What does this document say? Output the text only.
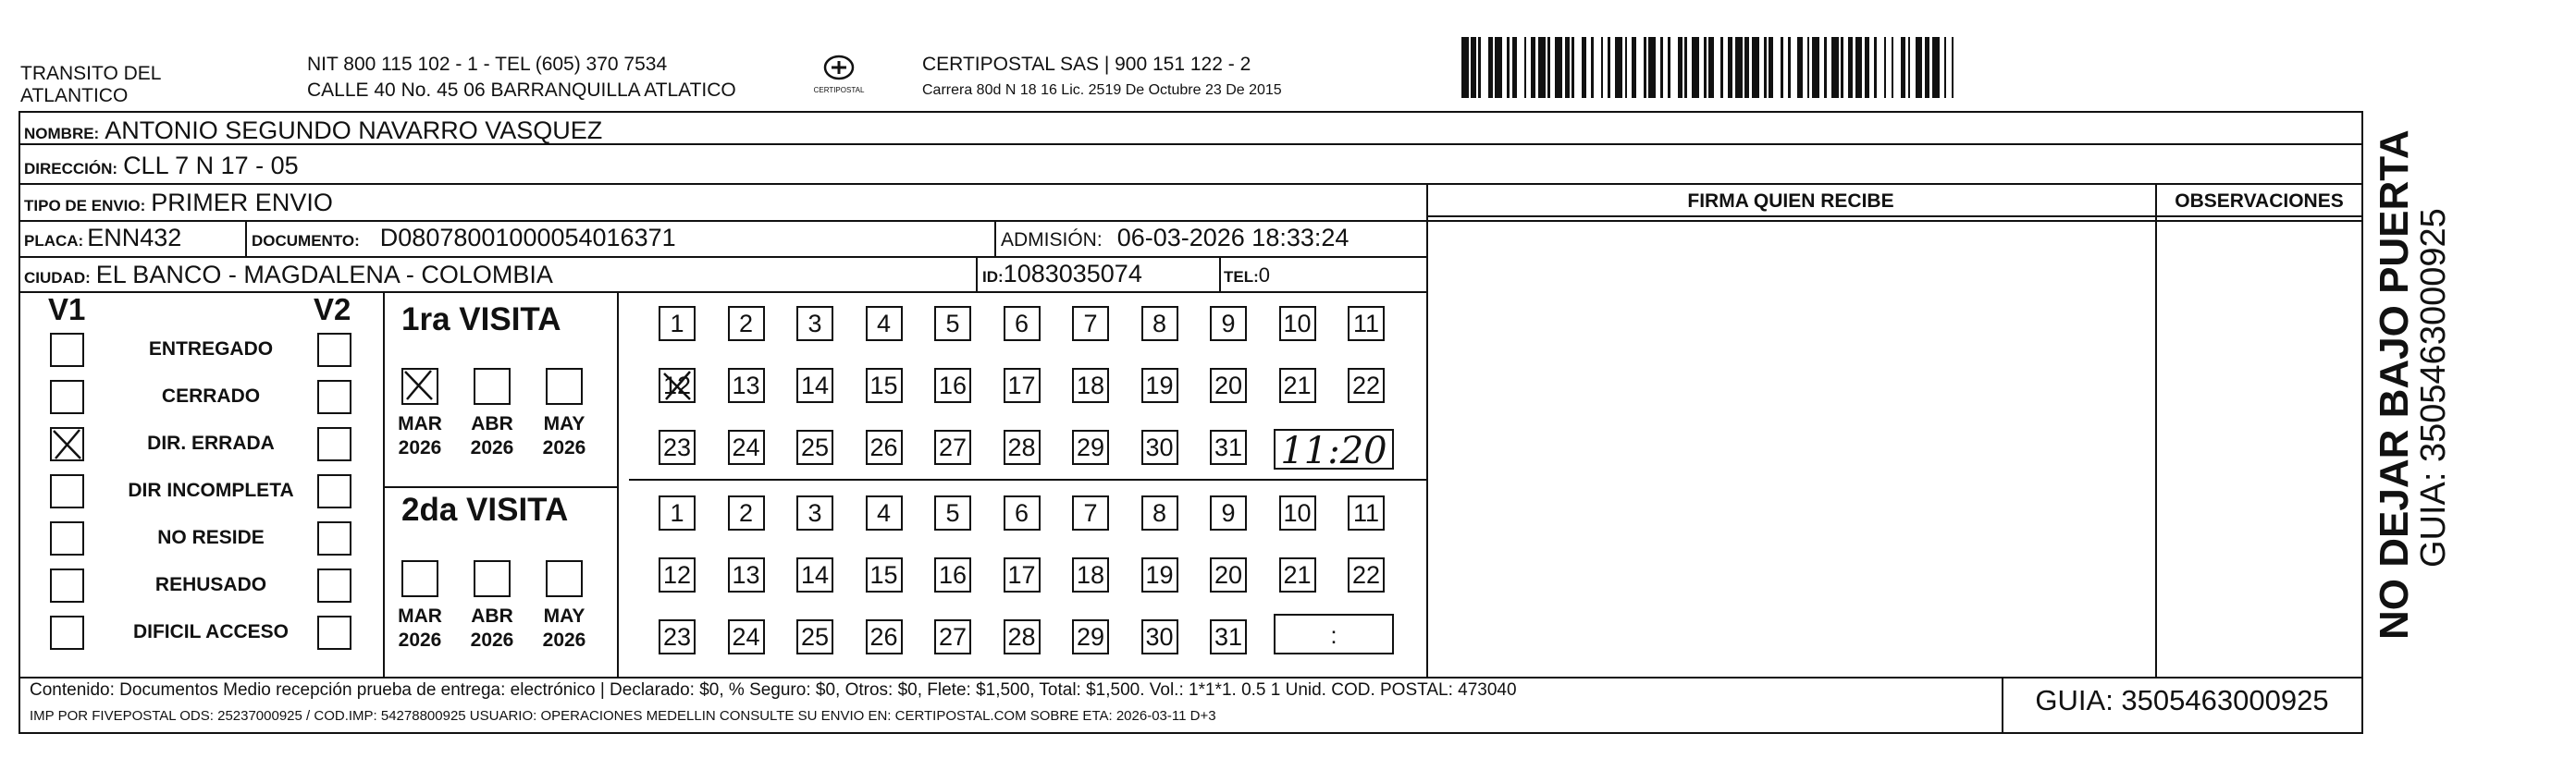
TRANSITO DEL ATLANTICO
NIT 800 115 102 - 1 - TEL (605) 370 7534
CALLE 40 No. 45 06 BARRANQUILLA ATLATICO	CERTIPOSTAL
CERTIPOSTAL SAS | 900 151 122 - 2
Carrera 80d N 18 16 Lic. 2519 De Octubre 23 De 2015
NOMBRE: ANTONIO SEGUNDO NAVARRO VASQUEZ
DIRECCIÓN: CLL 7 N 17 - 05
TIPO DE ENVIO: PRIMER ENVIO	FIRMA QUIEN RECIBE	OBSERVACIONES
PLACA: ENN432	DOCUMENTO: D08078001000054016371	ADMISIÓN: 06-03-2026 18:33:24
CIUDAD: EL BANCO - MAGDALENA - COLOMBIA	ID:1083035074	TEL:0
V1	V2
ENTREGADO
CERRADO
DIR. ERRADA
DIR INCOMPLETA
NO RESIDE
REHUSADO
DIFICIL ACCESO
1ra VISITA
2da VISITA
MAR
2026
ABR
2026
MAY
2026
MAR
2026
ABR
2026
MAY
2026
1	2	3	4	5	6	7	8	9	10 11
12 13 14 15 16 17 18 19 20 21 22
23 24 25 26 27 28 29 30 31
1	2	3	4	5	6	7	8	9	10 11
12 13 14 15 16 17 18 19 20 21 22
23 24 25 26 27 28 29 30 31
11:20
:
Contenido: Documentos Medio recepción prueba de entrega: electrónico | Declarado: $0, % Seguro: $0, Otros: $0, Flete: $1,500, Total: $1,500. Vol.: 1*1*1. 0.5 1 Unid. COD. POSTAL: 473040
IMP POR FIVEPOSTAL ODS: 25237000925 / COD.IMP: 54278800925 USUARIO: OPERACIONES MEDELLIN CONSULTE SU ENVIO EN: CERTIPOSTAL.COM SOBRE ETA: 2026-03-11 D+3	GUIA: 3505463000925
NO DEJAR BAJO PUERTA
GUIA: 3505463000925
